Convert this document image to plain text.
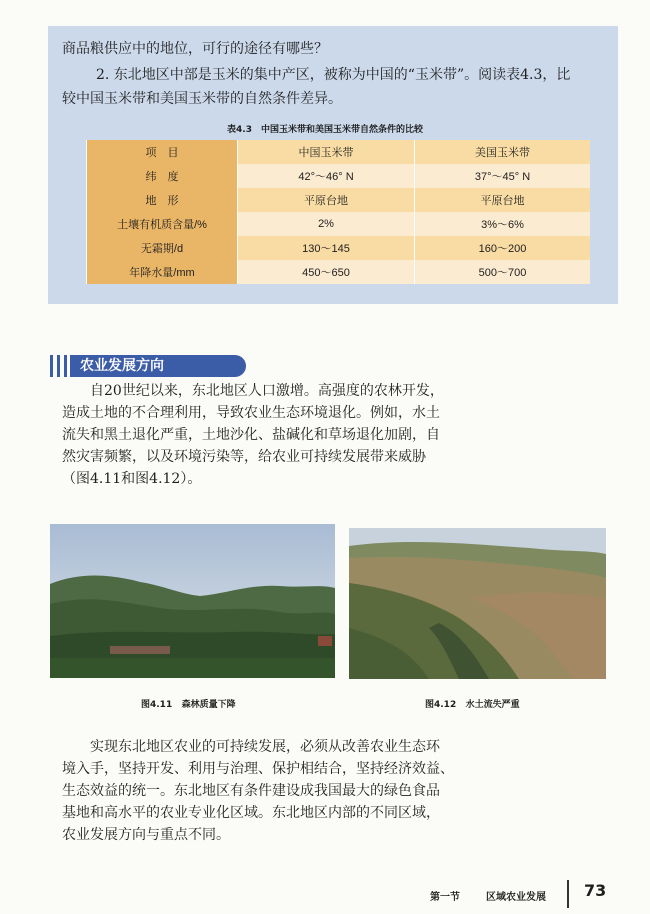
商品粮供应中的地位，可行的途径有哪些？
2. 东北地区中部是玉米的集中产区，被称为中国的“玉米带”。阅读表4.3，比
较中国玉米带和美国玉米带的自然条件差异。
表4.3　中国玉米带和美国玉米带自然条件的比较
项　目	中国玉米带	美国玉米带
纬　度	42°～46° N	37°～45° N
地　形	平原台地	平原台地
土壤有机质含量/%	2%	3%～6%
无霜期/d	130～145	160～200
年降水量/mm	450～650	500～700
农业发展方向

自20世纪以来，东北地区人口激增。高强度的农林开发，

造成土地的不合理利用，导致农业生态环境退化。例如，水土

流失和黑土退化严重，土地沙化、盐碱化和草场退化加剧，自

然灾害频繁，以及环境污染等，给农业可持续发展带来威胁

（图4.11和图4.12）。

图4.11 森林质量下降	图4.12 水土流失严重

实现东北地区农业的可持续发展，必须从改善农业生态环

境入手，坚持开发、利用与治理、保护相结合，坚持经济效益、

生态效益的统一。东北地区有条件建设成我国最大的绿色食品

基地和高水平的农业专业化区域。东北地区内部的不同区域，

农业发展方向与重点不同。

第一节	区域农业发展 73
